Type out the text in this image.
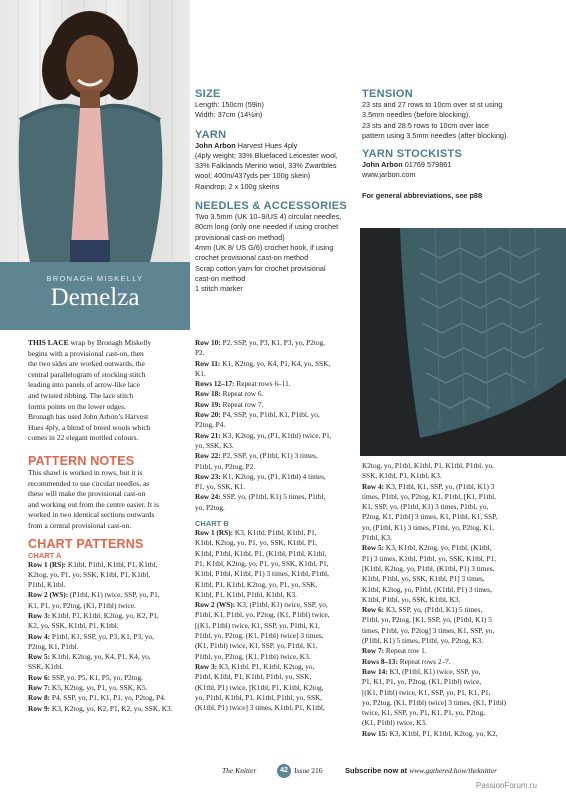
BRONAGH MISKELLY
Demelza
SIZE
Length: 150cm (59in)
Width: 37cm (14½in)
YARN
John Arbon Harvest Hues 4ply
(4ply weight; 33% Bluefaced Leicester wool,
33% Falklands Merino wool, 33% Zwartbles
wool; 400m/437yds per 100g skein)
Raindrop; 2 x 100g skeins
NEEDLES & ACCESSORIES
Two 3.5mm (UK 10–9/US 4) circular needles,
80cm long (only one needed if using crochet
provisional cast-on method)
4mm (UK 8/ US G/6) crochet hook, if using
crochet provisional cast-on method
Scrap cotton yarn for crochet provisional
cast-on method
1 stitch marker
TENSION
23 sts and 27 rows to 10cm over st st using
3.5mm needles (before blocking).
23 sts and 28.5 rows to 10cm over lace
pattern using 3.5mm needles (after blocking).
YARN STOCKISTS
John Arbon 01769 579861
www.jarbon.com
For general abbreviations, see p88
THIS LACE wrap by Bronagh Miskelly
begins with a provisional cast-on, then
the two sides are worked outwards, the
central parallelogram of stocking stitch
leading into panels of arrow-like lace
and twisted ribbing. The lace stitch
forms points on the lower edges.
Bronagh has used John Arbon’s Harvest
Hues 4ply, a blend of breed wools which
comes in 22 elegant mottled colours.
PATTERN NOTES
This shawl is worked in rows, but it is
recommended to use circular needles, as
these will make the provisional cast-on
and working out from the centre easier. It is
worked in two identical sections outwards
from a central provisional cast-on.
CHART PATTERNS
CHART A

Row 1 (RS): K1tbl, P1tbl, K1tbl, P1, K1tbl,

K2tog, yo, P1, yo, SSK, K1tbl, P1, K1tbl,

P1tbl, K1tbl.

Row 2 (WS): (P1tbl, K1) twice, SSP, yo, P1,

K1, P1, yo, P2tog, (K1, P1tbl) twice.

Row 3: K1tbl, P1, K1tbl, K2tog, yo, K2, P1,

K2, yo, SSK, K1tbl, P1, K1tbl.

Row 4: P1tbl, K1, SSP, yo, P3, K1, P3, yo,

P2tog, K1, P1tbl.

Row 5: K1tbl, K2tog, yo, K4, P1, K4, yo,

SSK, K1tbl.

Row 6: SSP, yo, P5, K1, P5, yo, P2tog.

Row 7: K5, K2tog, yo, P1, yo, SSK, K5.

Row 8: P4, SSP, yo, P1, K1, P1, yo, P2tog, P4.

Row 9: K3, K2tog, yo, K2, P1, K2, yo, SSK, K3.

Row 10: P2, SSP, yo, P3, K1, P3, yo, P2tog,

P2.

Row 11: K1, K2tog, yo, K4, P1, K4, yo, SSK,

K1.

Rows 12–17: Repeat rows 6–11.

Row 18: Repeat row 6.

Row 19: Repeat row 7.

Row 20: P4, SSP, yo, P1tbl, K1, P1tbl, yo,

P2tog, P4.

Row 21: K3, K2tog, yo, (P1, K1tbl) twice, P1,

yo, SSK, K3.

Row 22: P2, SSP, yo, (P1tbl, K1) 3 times,

P1tbl, yo, P2tog, P2.

Row 23: K1, K2tog, yo, (P1, K1tbl) 4 times,

P1, yo, SSK, K1.

Row 24: SSP, yo, (P1tbl, K1) 5 times, P1tbl,

yo, P2tog.

CHART B

Row 1 (RS): K3, K1tbl, P1tbl, K1tbl, P1,

K1tbl, K2tog, yo, P1, yo, SSK, K1tbl, P1,

K1tbl, P1tbl, K1tbl, P1, (K1tbl, P1tbl, K1tbl,

P1, K1tbl, K2tog, yo, P1, yo, SSK, K1tbl, P1,

K1tbl, P1tbl, K1tbl, P1) 3 times, K1tbl, P1tbl,

K1tbl, P1, K1tbl, K2tog, yo, P1, yo, SSK,

K1tbl, P1, K1tbl, P1tbl, K1tbl, K3.

Row 2 (WS): K3, (P1tbl, K1) twice, SSP, yo,

P1tbl, K1, P1tbl, yo, P2tog, (K1, P1tbl) twice,

[(K1, P1tbl) twice, K1, SSP, yo, P1tbl, K1,

P1tbl, yo, P2tog, (K1, P1tbl) twice] 3 times,

(K1, P1tbl) twice, K1, SSP, yo, P1tbl, K1,

P1tbl, yo, P2tog, (K1, P1tbl) twice, K3.

Row 3: K3, K1tbl, P1, K1tbl, K2tog, yo,

P1tbl, K1tbl, P1, K1tbl, P1tbl, yo, SSK,

(K1tbl, P1) twice, [K1tbl, P1, K1tbl, K2tog,

yo, P1tbl, K1tbl, P1, K1tbl, P1tbl, yo, SSK,

(K1tbl, P1) twice] 3 times, K1tbl, P1, K1tbl,

K2tog, yo, P1tbl, K1tbl, P1, K1tbl, P1tbl, yo,

SSK, K1tbl, P1, K1tbl, K3.

Row 4: K3, P1tbl, K1, SSP, yo, (P1tbl, K1) 3

times, P1tbl, yo, P2tog, K1, P1tbl, [K1, P1tbl,

K1, SSP, yo, (P1tbl, K1) 3 times, P1tbl, yo,

P2tog, K1, P1tbl] 3 times, K1, P1tbl, K1, SSP,

yo, (P1tbl, K1) 3 times, P1tbl, yo, P2tog, K1,

P1tbl, K3.

Row 5: K3, K1tbl, K2tog, yo, P1tbl, (K1tbl,

P1) 3 times, K1tbl, P1tbl, yo, SSK, K1tbl, P1,

[K1tbl, K2tog, yo, P1tbl, (K1tbl, P1) 3 times,

K1tbl, P1tbl, yo, SSK, K1tbl, P1] 3 times,

K1tbl, K2tog, yo, P1tbl, (K1tbl, P1) 3 times,

K1tbl, P1tbl, yo, SSK, K1tbl, K3.

Row 6: K3, SSP, yo, (P1tbl, K1) 5 times,

P1tbl, yo, P2tog, [K1, SSP, yo, (P1tbl, K1) 5

times, P1tbl, yo, P2tog] 3 times, K1, SSP, yo,

(P1tbl, K1) 5 times, P1tbl, yo, P2tog, K3.

Row 7: Repeat row 1.

Rows 8–13: Repeat rows 2–7.

Row 14: K3, (P1tbl, K1) twice, SSP, yo,

P1, K1, P1, yo, P2tog, (K1, P1tbl) twice,

[(K1, P1tbl) twice, K1, SSP, yo, P1, K1, P1,

yo, P2tog, (K1, P1tbl) twice] 3 times, (K1, P1tbl)

twice, K1, SSP, yo, P1, K1, P1, yo, P2tog,

(K1, P1tbl) twice, K3.

Row 15: K3, K1tbl, P1, K1tbl, K2tog, yo, K2,

The Knitter	42 Issue 216	Subscribe now at www.gathered.how/theknitter
PassionForum.ru
